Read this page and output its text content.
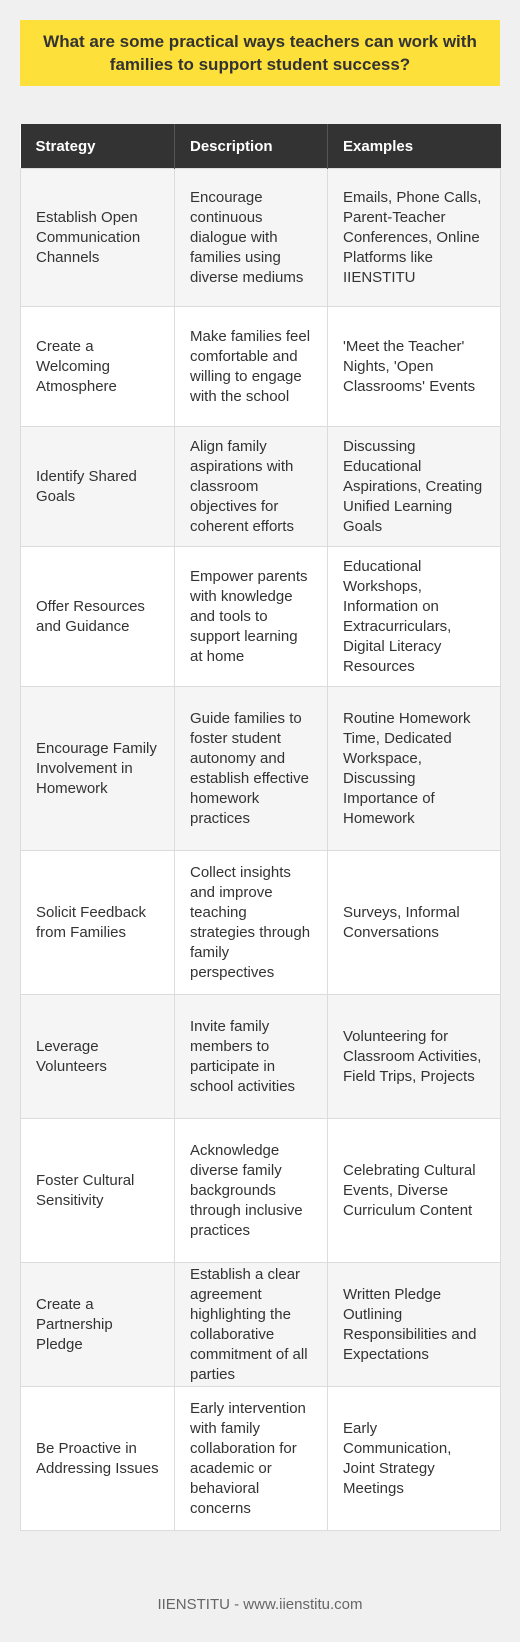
What are some practical ways teachers can work with families to support student success?
Strategy	Description	Examples
Establish Open Communication Channels	Encourage continuous dialogue with families using diverse mediums	Emails, Phone Calls, Parent-Teacher Conferences, Online Platforms like IIENSTITU
Create a Welcoming Atmosphere	Make families feel comfortable and willing to engage with the school	'Meet the Teacher' Nights, 'Open Classrooms' Events
Identify Shared Goals	Align family aspirations with classroom objectives for coherent efforts	Discussing Educational Aspirations, Creating Unified Learning Goals
Offer Resources and Guidance	Empower parents with knowledge and tools to support learning at home	Educational Workshops, Information on Extracurriculars, Digital Literacy Resources
Encourage Family Involvement in Homework	Guide families to foster student autonomy and establish effective homework practices	Routine Homework Time, Dedicated Workspace, Discussing Importance of Homework
Solicit Feedback from Families	Collect insights and improve teaching strategies through family perspectives	Surveys, Informal Conversations
Leverage Volunteers	Invite family members to participate in school activities	Volunteering for Classroom Activities, Field Trips, Projects
Foster Cultural Sensitivity	Acknowledge diverse family backgrounds through inclusive practices	Celebrating Cultural Events, Diverse Curriculum Content
Create a Partnership Pledge	Establish a clear agreement highlighting the collaborative commitment of all parties	Written Pledge Outlining Responsibilities and Expectations
Be Proactive in Addressing Issues	Early intervention with family collaboration for academic or behavioral concerns	Early Communication, Joint Strategy Meetings
IIENSTITU - www.iienstitu.com
